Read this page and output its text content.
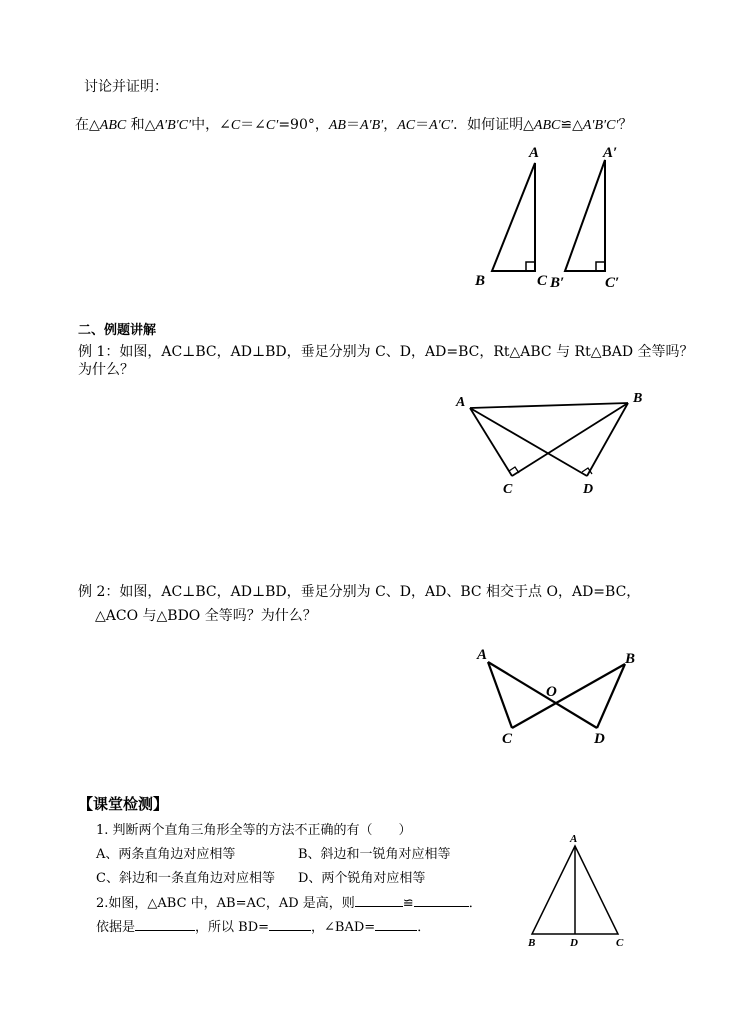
讨论并证明：
在△ABC 和△A′B′C′中，∠C＝∠C′=90°，AB＝A′B′，AC＝A′C′．如何证明△ABC≌△A′B′C′？
二、例题讲解
例 1：如图，AC⊥BC，AD⊥BD，垂足分别为 C、D，AD=BC，Rt△ABC 与 Rt△BAD 全等吗？
为什么？
例 2：如图，AC⊥BC，AD⊥BD，垂足分别为 C、D，AD、BC 相交于点 O，AD=BC，
△ACO 与△BDO 全等吗？为什么？
【课堂检测】
1. 判断两个直角三角形全等的方法不正确的有（　　）
A、两条直角边对应相等	B、斜边和一锐角对应相等
C、斜边和一条直角边对应相等 D、两个锐角对应相等
2.如图，△ABC 中，AB=AC，AD 是高，则	≌	．
依据是	，所以 BD=	，∠BAD=	．
A
B	C
A′
B′	C′
A	B
C	D
A	B
C	D
O
A
B	D	C
